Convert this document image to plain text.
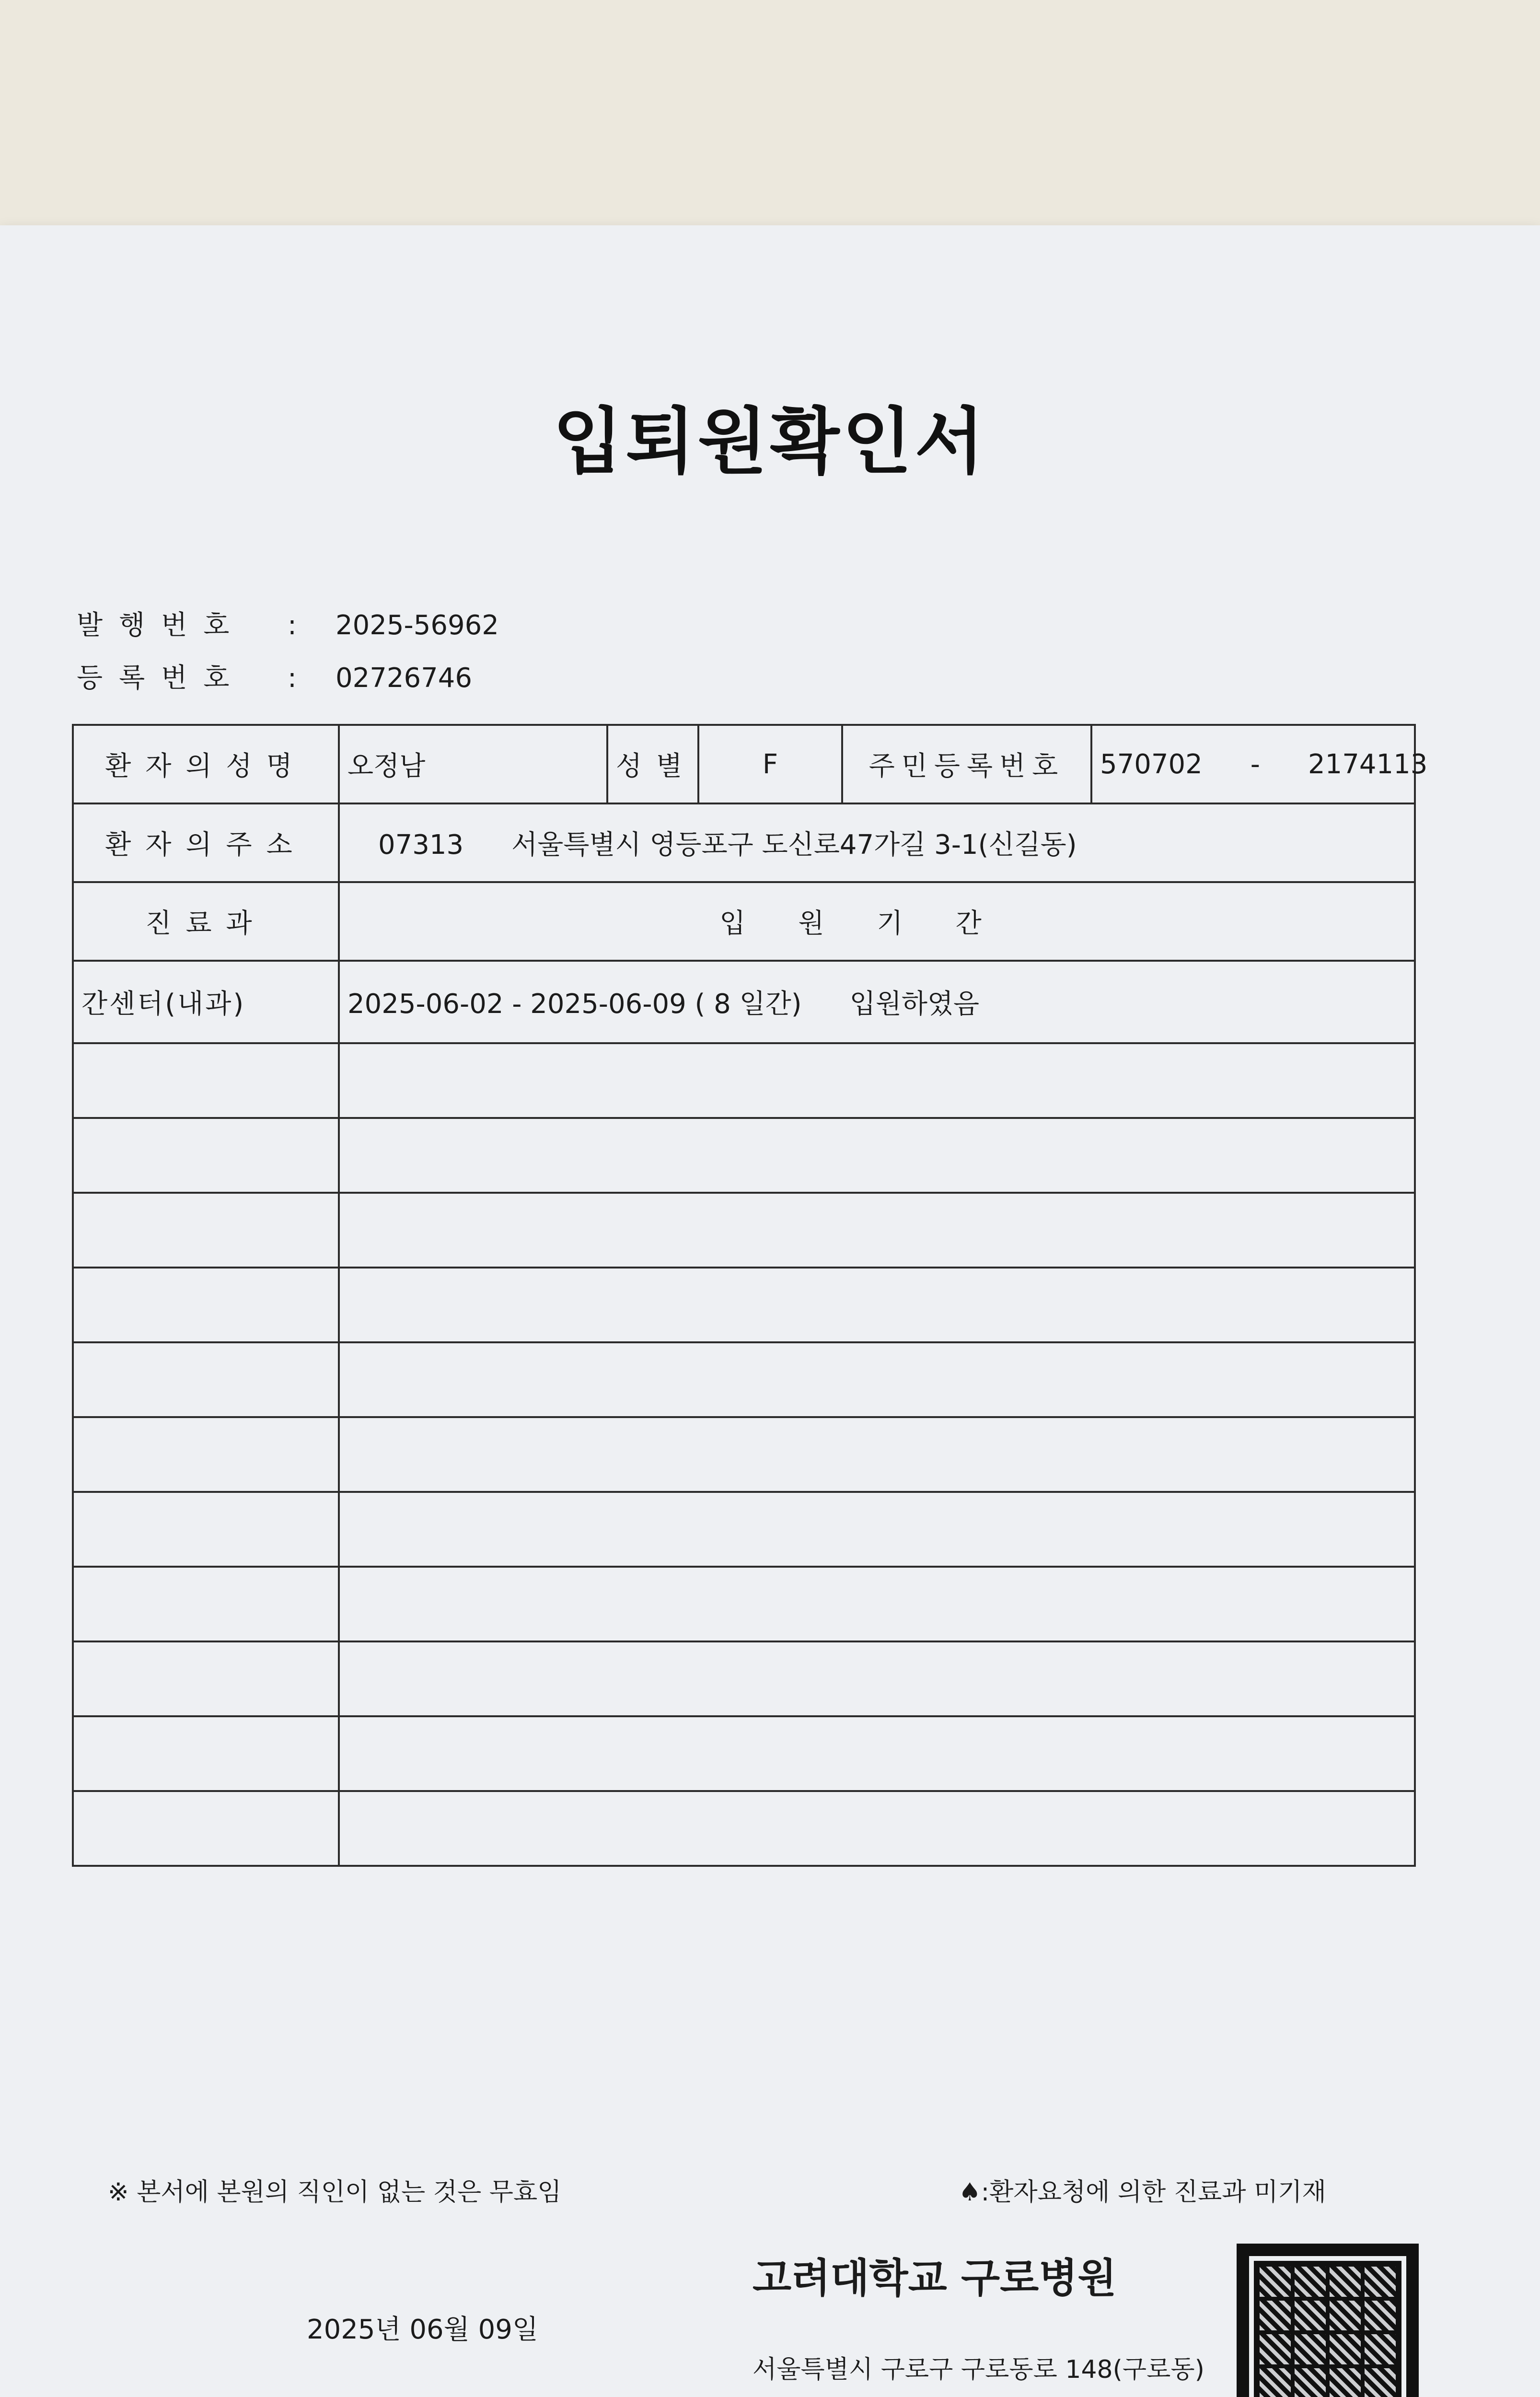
입퇴원확인서
발행번호 : 2025-56962
등록번호 : 02726746
환자의성명	오정남	성별	F	주민등록번호	570702 - 2174113
환자의주소	07313 서울특별시 영등포구 도신로47가길 3-1(신길동)				
진료과	입원기간				
간센터(내과)	2025-06-02 - 2025-06-09 ( 8 일간) 입원하였음				

※ 본서에 본원의 직인이 없는 것은 무효임	♠:환자요청에 의한 진료과 미기재
고려대학교 구로병원
2025년 06월 09일
서울특별시 구로구 구로동로 148(구로동)
